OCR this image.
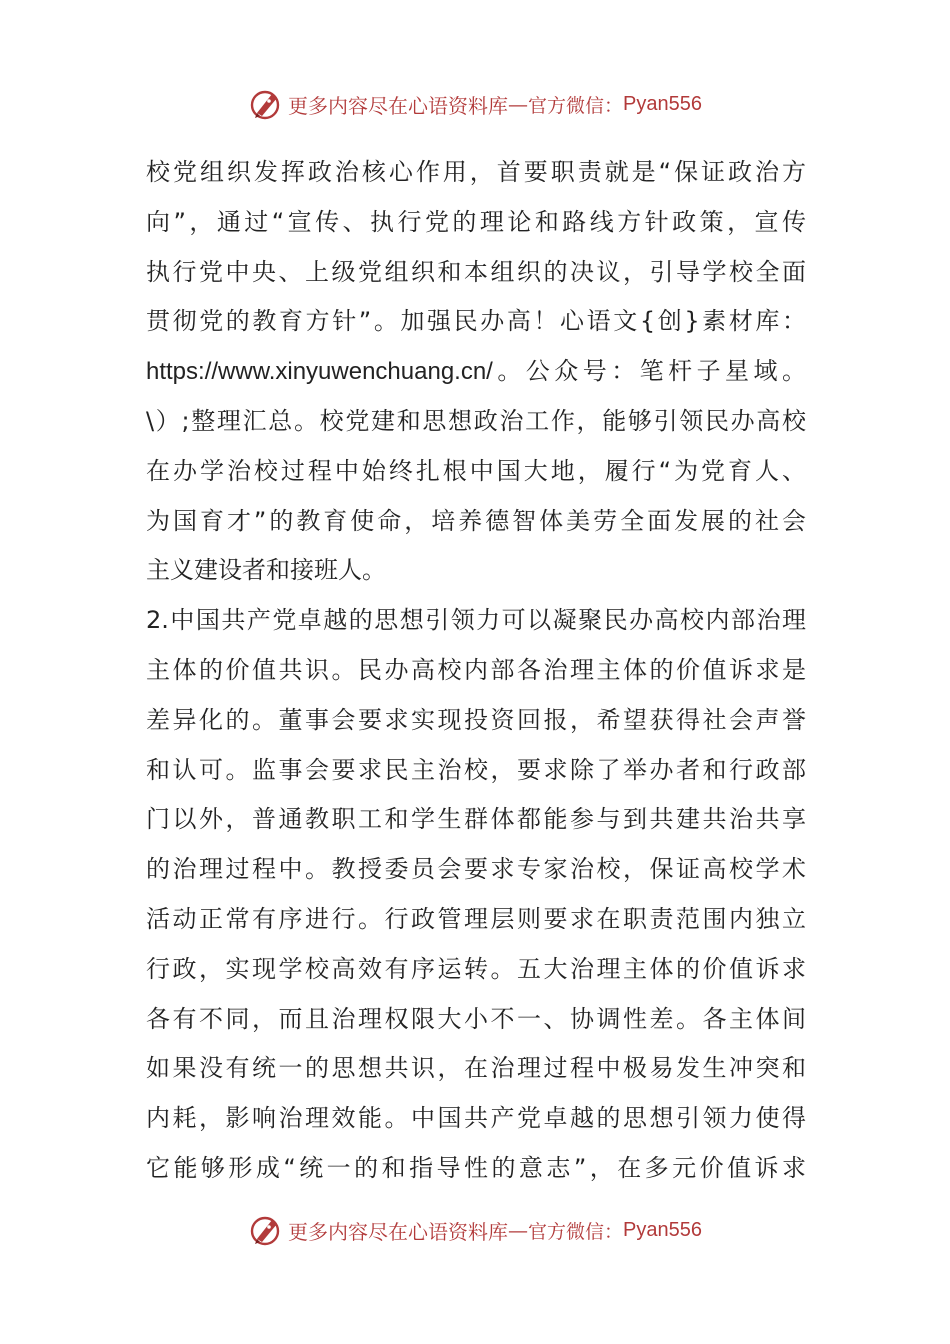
更多内容尽在心语资料库 — 官方微信： Pyan556
校党组织发挥政治核心作用，首要职责就是“保证政治方
向”，通过“宣传、执行党的理论和路线方针政策，宣传
执行党中央、上级党组织和本组织的决议，引导学校全面
贯彻党的教育方针”。加强民办高！心语文{创}素材库：
https://www.xinyuwenchuang.cn/。公众号：笔杆子星域。
\）;整理汇总。校党建和思想政治工作，能够引领民办高校
在办学治校过程中始终扎根中国大地，履行“为党育人、
为国育才”的教育使命，培养德智体美劳全面发展的社会
主义建设者和接班人。
2.中国共产党卓越的思想引领力可以凝聚民办高校内部治理
主体的价值共识。民办高校内部各治理主体的价值诉求是
差异化的。董事会要求实现投资回报，希望获得社会声誉
和认可。监事会要求民主治校，要求除了举办者和行政部
门以外，普通教职工和学生群体都能参与到共建共治共享
的治理过程中。教授委员会要求专家治校，保证高校学术
活动正常有序进行。行政管理层则要求在职责范围内独立
行政，实现学校高效有序运转。五大治理主体的价值诉求
各有不同，而且治理权限大小不一、协调性差。各主体间
如果没有统一的思想共识，在治理过程中极易发生冲突和
内耗，影响治理效能。中国共产党卓越的思想引领力使得
它能够形成“统一的和指导性的意志”，在多元价值诉求
更多内容尽在心语资料库 — 官方微信： Pyan556
